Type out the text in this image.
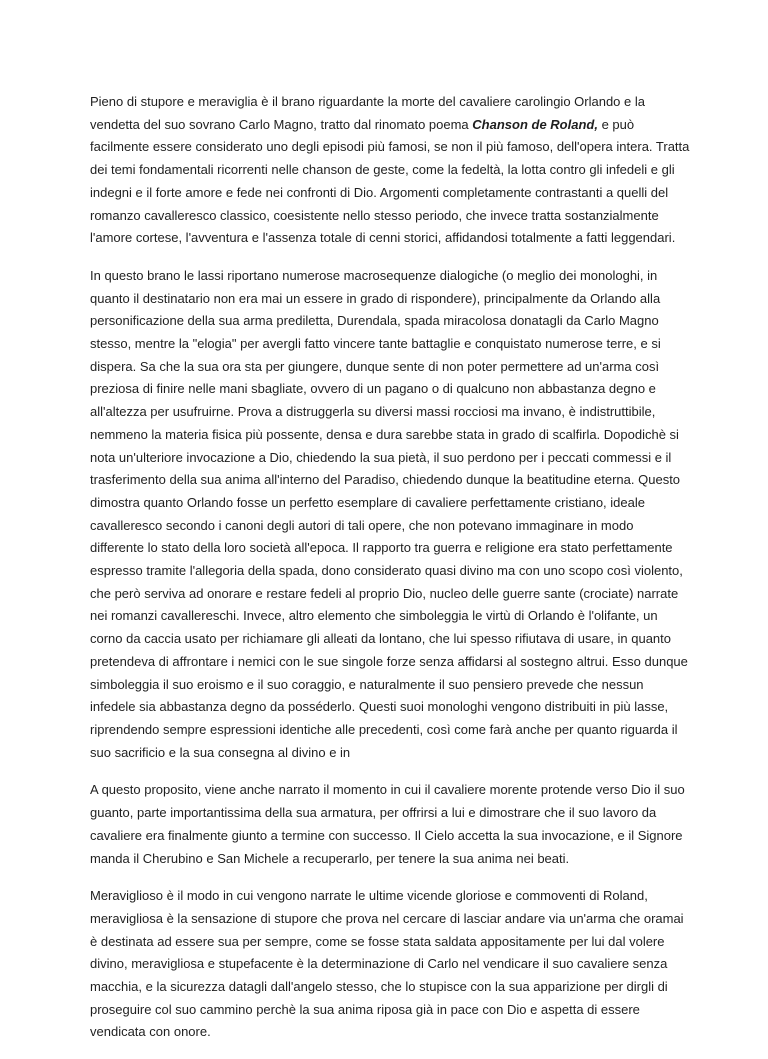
Pieno di stupore e meraviglia è il brano riguardante la morte del cavaliere carolingio Orlando e la vendetta del suo sovrano Carlo Magno, tratto dal rinomato poema Chanson de Roland, e può facilmente essere considerato uno degli episodi più famosi, se non il più famoso, dell'opera intera. Tratta dei temi fondamentali ricorrenti nelle chanson de geste, come la fedeltà, la lotta contro gli infedeli e gli indegni e il forte amore e fede nei confronti di Dio. Argomenti completamente contrastanti a quelli del romanzo cavalleresco classico, coesistente nello stesso periodo, che invece tratta sostanzialmente l'amore cortese, l'avventura e l'assenza totale di cenni storici, affidandosi totalmente a fatti leggendari.

In questo brano le lassi riportano numerose macrosequenze dialogiche (o meglio dei monologhi, in quanto il destinatario non era mai un essere in grado di rispondere), principalmente da Orlando alla personificazione della sua arma prediletta, Durendala, spada miracolosa donatagli da Carlo Magno stesso, mentre la "elogia" per avergli fatto vincere tante battaglie e conquistato numerose terre, e si dispera. Sa che la sua ora sta per giungere, dunque sente di non poter permettere ad un'arma così preziosa di finire nelle mani sbagliate, ovvero di un pagano o di qualcuno non abbastanza degno e all'altezza per usufruirne. Prova a distruggerla su diversi massi rocciosi ma invano, è indistruttibile, nemmeno la materia fisica più possente, densa e dura sarebbe stata in grado di scalfirla. Dopodichè si nota un'ulteriore invocazione a Dio, chiedendo la sua pietà, il suo perdono per i peccati commessi e il trasferimento della sua anima all'interno del Paradiso, chiedendo dunque la beatitudine eterna. Questo dimostra quanto Orlando fosse un perfetto esemplare di cavaliere perfettamente cristiano, ideale cavalleresco secondo i canoni degli autori di tali opere, che non potevano immaginare in modo differente lo stato della loro società all'epoca. Il rapporto tra guerra e religione era stato perfettamente espresso tramite l'allegoria della spada, dono considerato quasi divino ma con uno scopo così violento, che però serviva ad onorare e restare fedeli al proprio Dio, nucleo delle guerre sante (crociate) narrate nei romanzi cavallereschi. Invece, altro elemento che simboleggia le virtù di Orlando è l'olifante, un corno da caccia usato per richiamare gli alleati da lontano, che lui spesso rifiutava di usare, in quanto pretendeva di affrontare i nemici con le sue singole forze senza affidarsi al sostegno altrui. Esso dunque simboleggia il suo eroismo e il suo coraggio, e naturalmente il suo pensiero prevede che nessun infedele sia abbastanza degno da posséderlo. Questi suoi monologhi vengono distribuiti in più lasse, riprendendo sempre espressioni identiche alle precedenti, così come farà anche per quanto riguarda il suo sacrificio e la sua consegna al divino e in

A questo proposito, viene anche narrato il momento in cui il cavaliere morente protende verso Dio il suo guanto, parte importantissima della sua armatura, per offrirsi a lui e dimostrare che il suo lavoro da cavaliere era finalmente giunto a termine con successo. Il Cielo accetta la sua invocazione, e il Signore manda il Cherubino e San Michele a recuperarlo, per tenere la sua anima nei beati.

Meraviglioso è il modo in cui vengono narrate le ultime vicende gloriose e commoventi di Roland, meravigliosa è la sensazione di stupore che prova nel cercare di lasciar andare via un'arma che oramai è destinata ad essere sua per sempre, come se fosse stata saldata appositamente per lui dal volere divino, meravigliosa e stupefacente è la determinazione di Carlo nel vendicare il suo cavaliere senza macchia, e la sicurezza datagli dall'angelo stesso, che lo stupisce con la sua apparizione per dirgli di proseguire col suo cammino perchè la sua anima riposa già in pace con Dio e aspetta di essere vendicata con onore.
